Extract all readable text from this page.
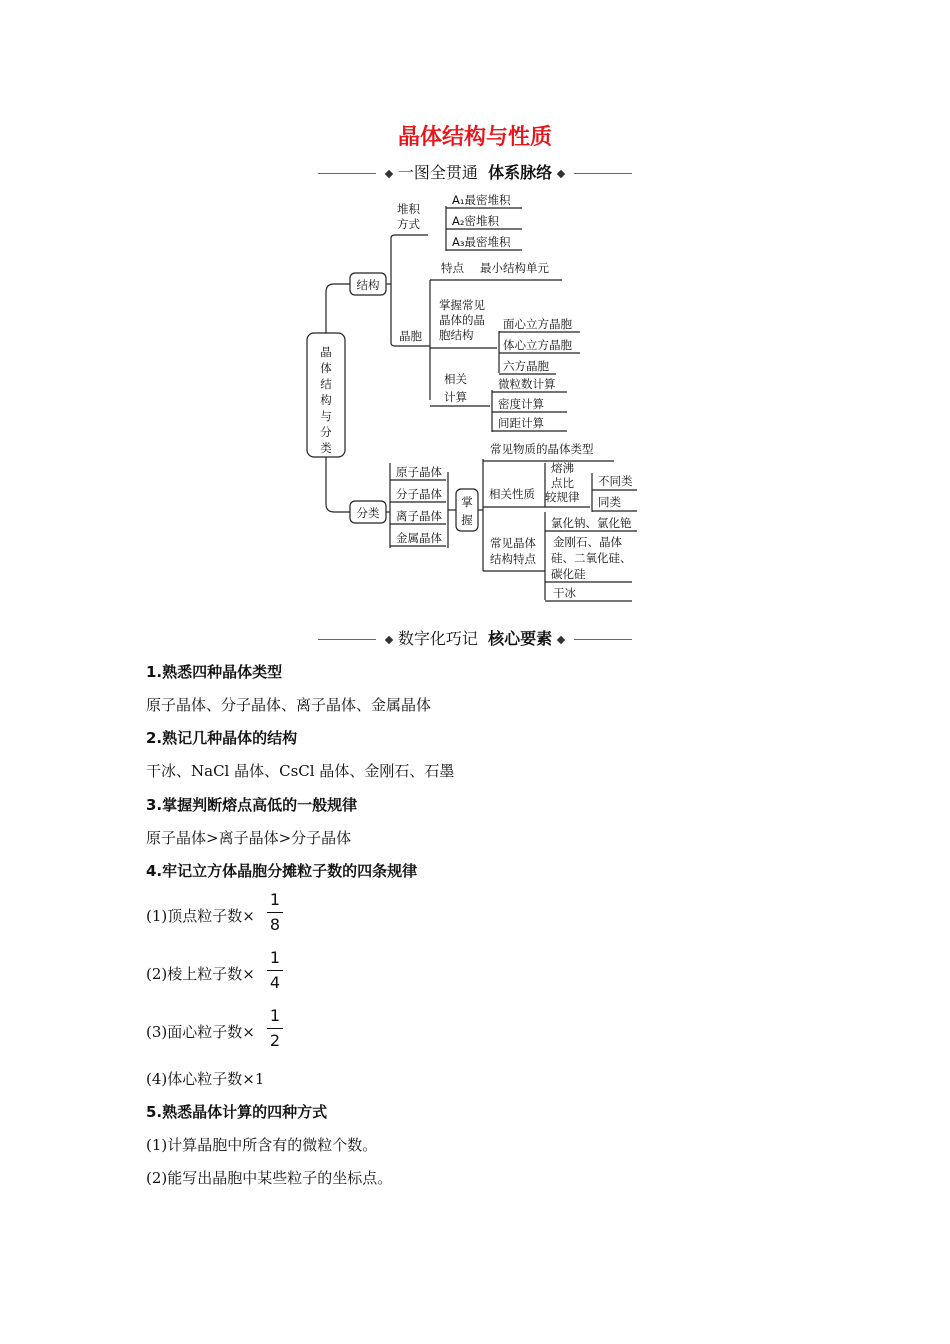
晶体结构与性质
一图全贯通 体系脉络
晶
体
结
构
与
分
类
结构
堆积
方式
A₁最密堆积
A₂密堆积
A₃最密堆积
晶胞
特点 最小结构单元
掌握常见
晶体的晶
胞结构
面心立方晶胞
体心立方晶胞
六方晶胞
相关
计算
微粒数计算
密度计算
间距计算
分类
原子晶体
分子晶体
离子晶体
金属晶体
掌
握
常见物质的晶体类型
相关性质
熔沸
点比
较规律
不同类
同类
常见晶体
结构特点
氯化钠、氯化铯
金刚石、晶体
硅、二氧化硅、
碳化硅
干冰
数字化巧记 核心要素
1.熟悉四种晶体类型
原子晶体、分子晶体、离子晶体、金属晶体
2.熟记几种晶体的结构
干冰、NaCl 晶体、CsCl 晶体、金刚石、石墨
3.掌握判断熔点高低的一般规律
原子晶体>离子晶体>分子晶体
4.牢记立方体晶胞分摊粒子数的四条规律
(1)顶点粒子数×
1
8
(2)棱上粒子数×
1
4
(3)面心粒子数×
1
2
(4)体心粒子数×1
5.熟悉晶体计算的四种方式
(1)计算晶胞中所含有的微粒个数。
(2)能写出晶胞中某些粒子的坐标点。
